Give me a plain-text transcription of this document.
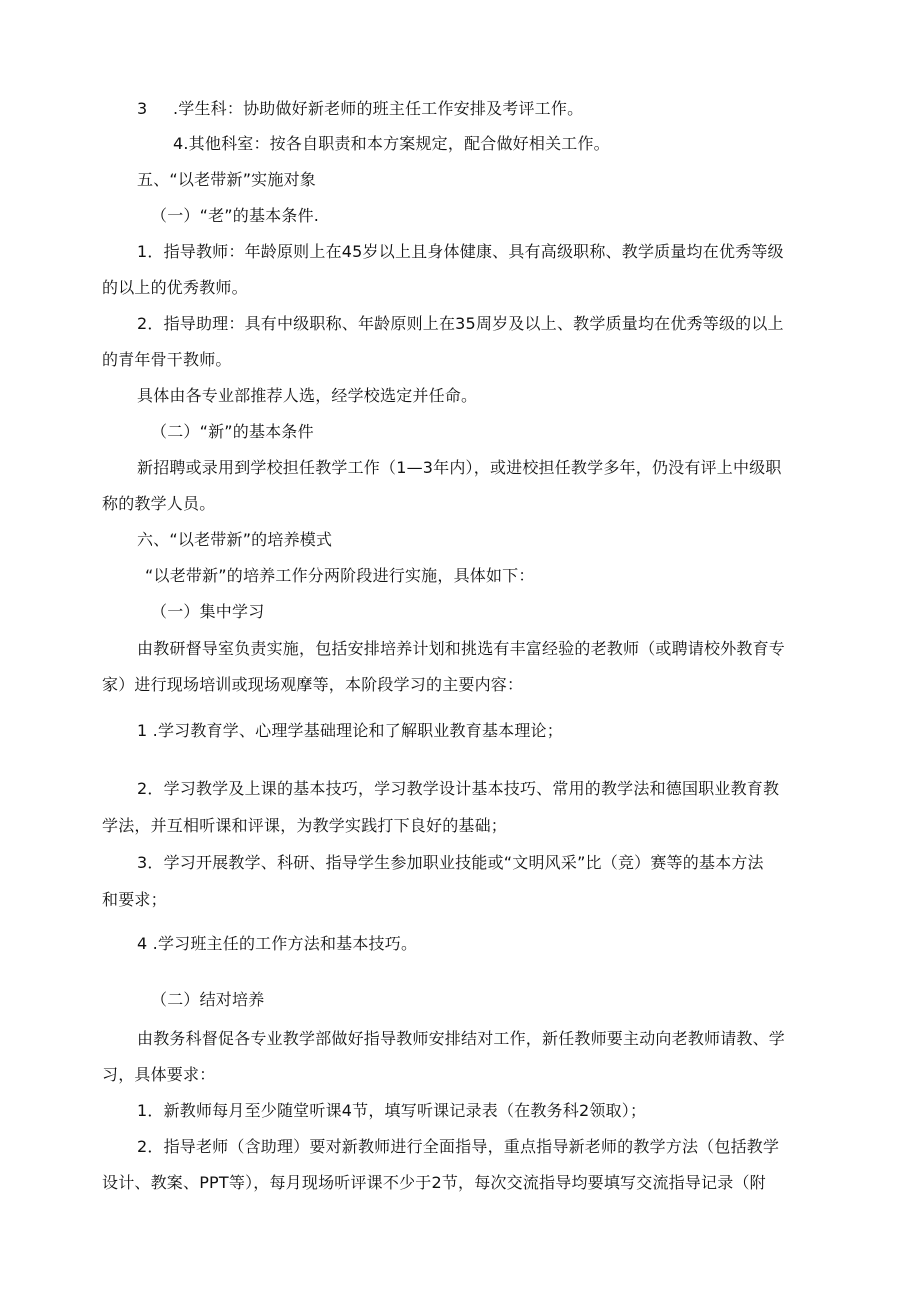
3 .学生科：协助做好新老师的班主任工作安排及考评工作。
4.其他科室：按各自职责和本方案规定，配合做好相关工作。
五、“以老带新”实施对象
（一）“老”的基本条件.
1．指导教师：年龄原则上在45岁以上且身体健康、具有高级职称、教学质量均在优秀等级
的以上的优秀教师。
2．指导助理：具有中级职称、年龄原则上在35周岁及以上、教学质量均在优秀等级的以上
的青年骨干教师。
具体由各专业部推荐人选，经学校选定并任命。
（二）“新”的基本条件
新招聘或录用到学校担任教学工作（1—3年内），或进校担任教学多年，仍没有评上中级职
称的教学人员。
六、“以老带新”的培养模式
“以老带新”的培养工作分两阶段进行实施，具体如下：
（一）集中学习
由教研督导室负责实施，包括安排培养计划和挑选有丰富经验的老教师（或聘请校外教育专
家）进行现场培训或现场观摩等，本阶段学习的主要内容：
1 .学习教育学、心理学基础理论和了解职业教育基本理论；
2．学习教学及上课的基本技巧，学习教学设计基本技巧、常用的教学法和德国职业教育教
学法，并互相听课和评课，为教学实践打下良好的基础；
3．学习开展教学、科研、指导学生参加职业技能或“文明风采”比（竞）赛等的基本方法
和要求；
4 .学习班主任的工作方法和基本技巧。
（二）结对培养
由教务科督促各专业教学部做好指导教师安排结对工作，新任教师要主动向老教师请教、学
习，具体要求：
1．新教师每月至少随堂听课4节，填写听课记录表（在教务科2领取）；
2．指导老师（含助理）要对新教师进行全面指导，重点指导新老师的教学方法（包括教学
设计、教案、PPT等），每月现场听评课不少于2节，每次交流指导均要填写交流指导记录（附
